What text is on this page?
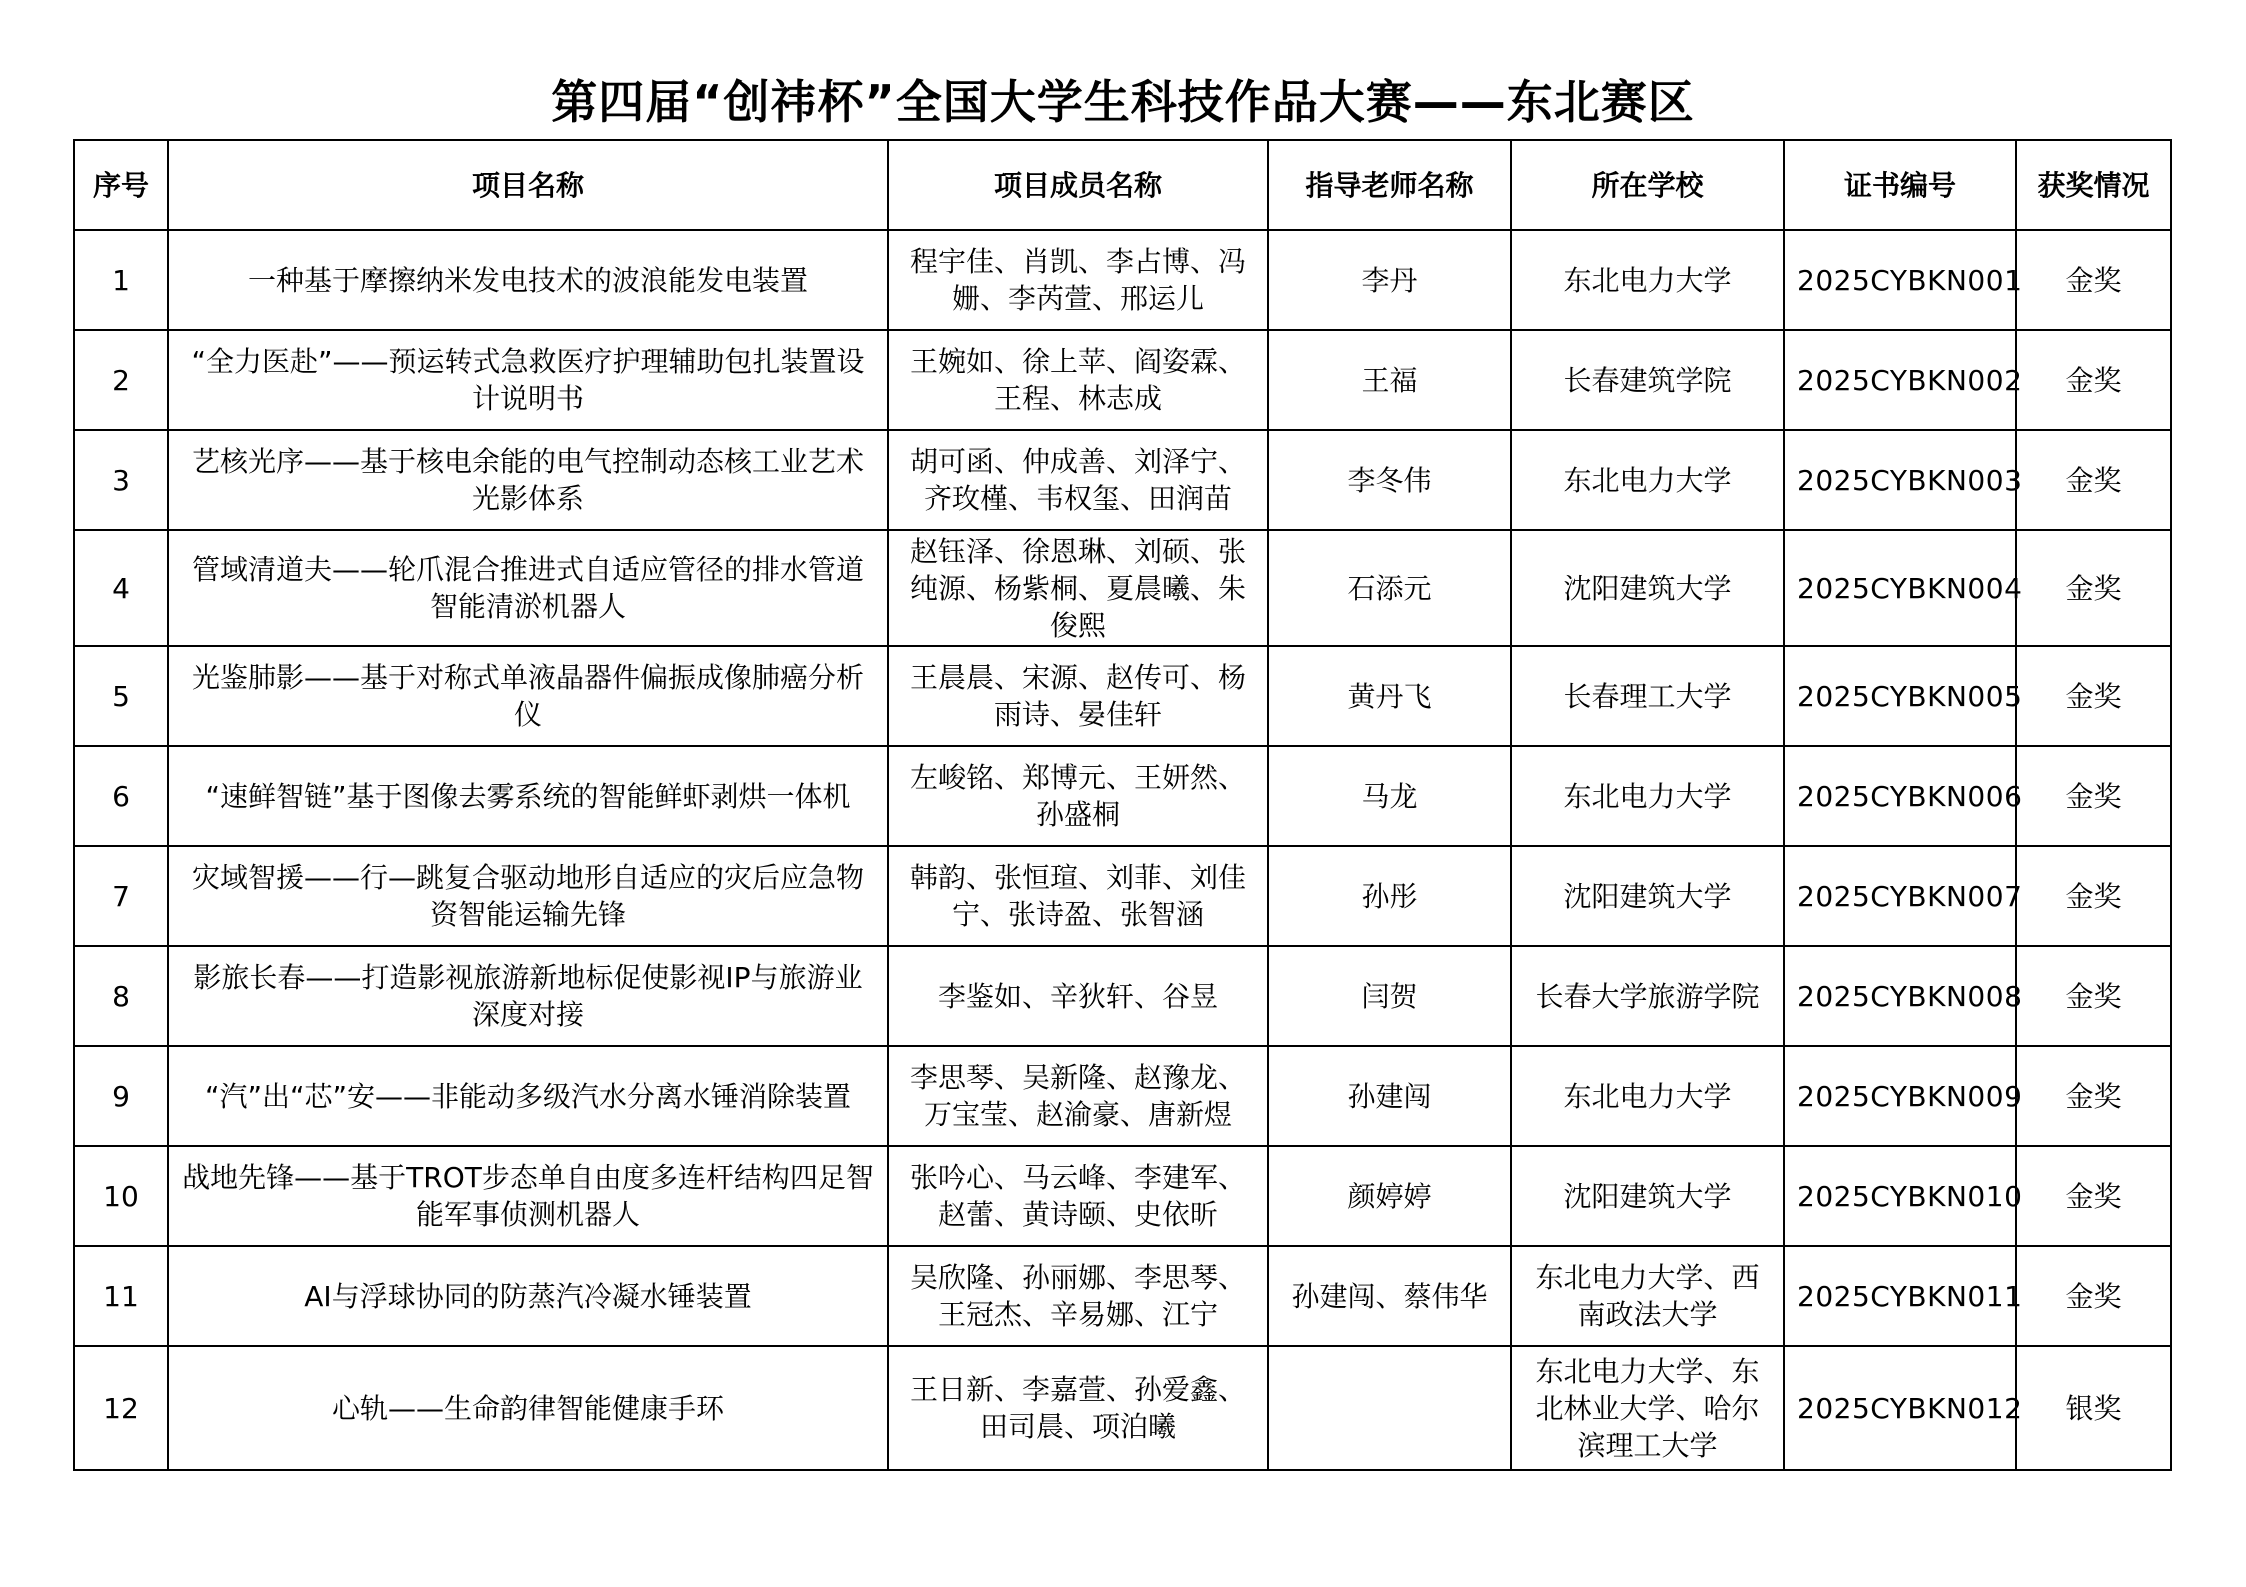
第四届“创祎杯”全国大学生科技作品大赛——东北赛区
序号	项目名称	项目成员名称	指导老师名称	所在学校	证书编号	获奖情况
1	一种基于摩擦纳米发电技术的波浪能发电装置	程宇佳、肖凯、李占博、冯姗、李芮萱、邢运儿	李丹	东北电力大学	2025CYBKN001	金奖
2	“全力医赴”——预运转式急救医疗护理辅助包扎装置设计说明书	王婉如、徐上苹、阎姿霖、王程、林志成	王福	长春建筑学院	2025CYBKN002	金奖
3	艺核光序——基于核电余能的电气控制动态核工业艺术光影体系	胡可函、仲成善、刘泽宁、齐玫槿、韦权玺、田润苗	李冬伟	东北电力大学	2025CYBKN003	金奖
4	管域清道夫——轮爪混合推进式自适应管径的排水管道智能清淤机器人	赵钰泽、徐恩琳、刘硕、张纯源、杨紫桐、夏晨曦、朱俊熙	石添元	沈阳建筑大学	2025CYBKN004	金奖
5	光鉴肺影——基于对称式单液晶器件偏振成像肺癌分析仪	王晨晨、宋源、赵传可、杨雨诗、晏佳轩	黄丹飞	长春理工大学	2025CYBKN005	金奖
6	“速鲜智链”基于图像去雾系统的智能鲜虾剥烘一体机	左峻铭、郑博元、王妍然、孙盛桐	马龙	东北电力大学	2025CYBKN006	金奖
7	灾域智援——行—跳复合驱动地形自适应的灾后应急物资智能运输先锋	韩韵、张恒瑄、刘菲、刘佳宁、张诗盈、张智涵	孙彤	沈阳建筑大学	2025CYBKN007	金奖
8	影旅长春——打造影视旅游新地标促使影视IP与旅游业深度对接	李鉴如、辛狄轩、谷昱	闫贺	长春大学旅游学院	2025CYBKN008	金奖
9	“汽”出“芯”安——非能动多级汽水分离水锤消除装置	李思琴、吴新隆、赵豫龙、万宝莹、赵渝豪、唐新煜	孙建闯	东北电力大学	2025CYBKN009	金奖
10	战地先锋——基于TROT步态单自由度多连杆结构四足智能军事侦测机器人	张吟心、马云峰、李建军、赵蕾、黄诗颐、史依昕	颜婷婷	沈阳建筑大学	2025CYBKN010	金奖
11	AI与浮球协同的防蒸汽冷凝水锤装置	吴欣隆、孙丽娜、李思琴、王冠杰、辛易娜、江宁	孙建闯、蔡伟华	东北电力大学、西南政法大学	2025CYBKN011	金奖
12	心轨——生命韵律智能健康手环	王日新、李嘉萱、孙爱鑫、田司晨、项泊曦		东北电力大学、东北林业大学、哈尔滨理工大学	2025CYBKN012	银奖
